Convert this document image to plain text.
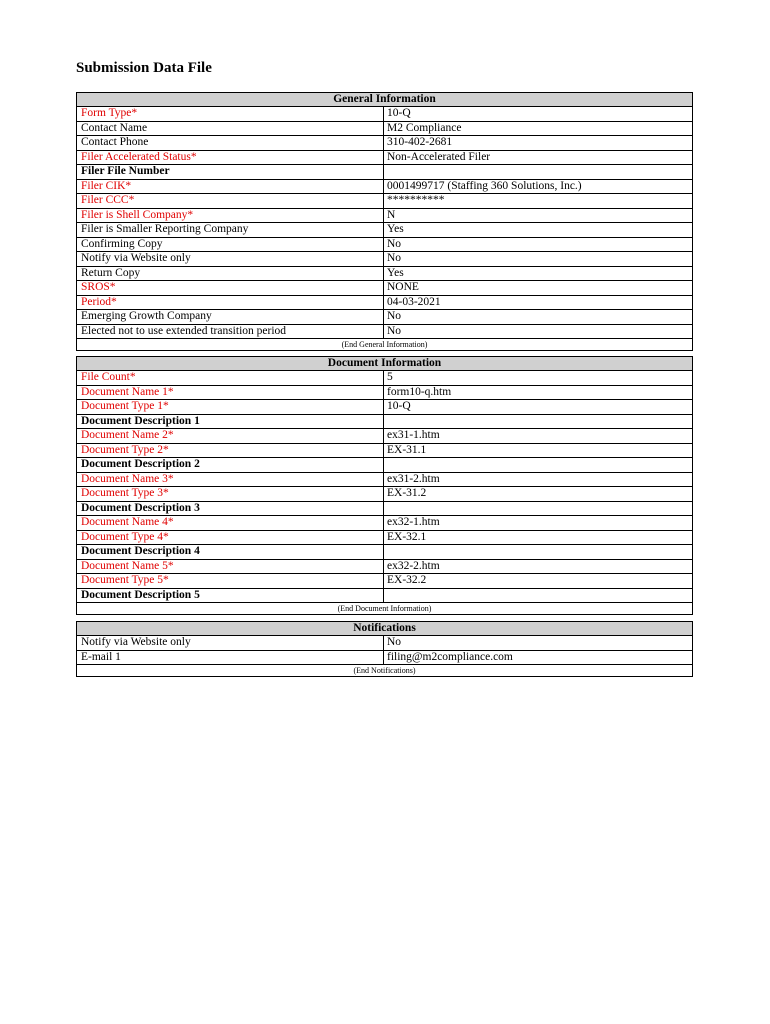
Submission Data File
General Information
Form Type*	10-Q
Contact Name	M2 Compliance
Contact Phone	310-402-2681
Filer Accelerated Status*	Non-Accelerated Filer
Filer File Number
Filer CIK*	0001499717 (Staffing 360 Solutions, Inc.)
Filer CCC*	**********
Filer is Shell Company*	N
Filer is Smaller Reporting Company	Yes
Confirming Copy	No
Notify via Website only	No
Return Copy	Yes
SROS*	NONE
Period*	04-03-2021
Emerging Growth Company	No
Elected not to use extended transition period	No
(End General Information)
Document Information
File Count*	5
Document Name 1*	form10-q.htm
Document Type 1*	10-Q
Document Description 1
Document Name 2*	ex31-1.htm
Document Type 2*	EX-31.1
Document Description 2
Document Name 3*	ex31-2.htm
Document Type 3*	EX-31.2
Document Description 3
Document Name 4*	ex32-1.htm
Document Type 4*	EX-32.1
Document Description 4
Document Name 5*	ex32-2.htm
Document Type 5*	EX-32.2
Document Description 5
(End Document Information)
Notifications
Notify via Website only	No
E-mail 1	filing@m2compliance.com
(End Notifications)
